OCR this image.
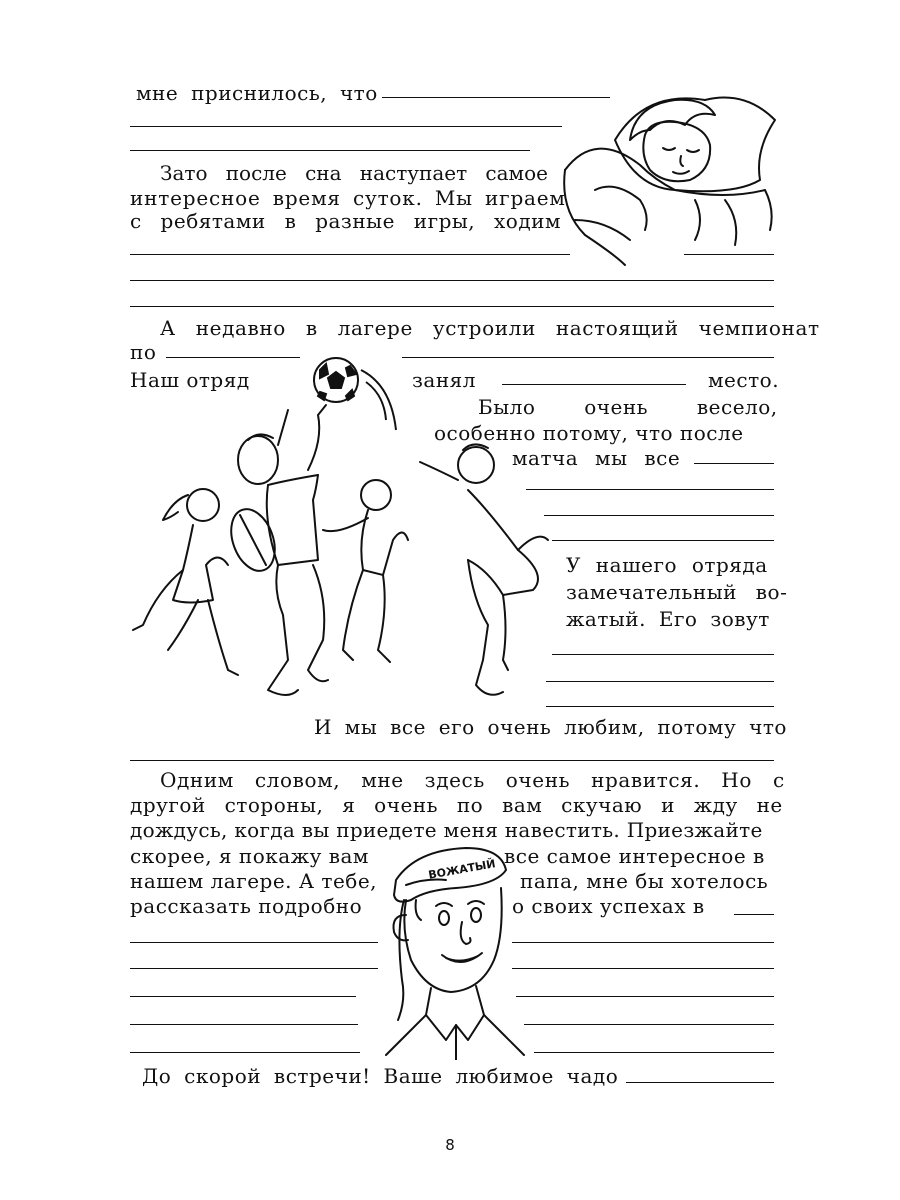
мне приснилось, что
Зато после сна наступает самое
интересное время суток. Мы играем
с ребятами в разные игры, ходим
А недавно в лагере устроили настоящий чемпионат
по
Наш отряд	занял	место.
Было очень весело,
особенно потому, что после
матча мы все
У нашего отряда
замечательный во-
жатый. Его зовут
И мы все его очень любим, потому что
Одним словом, мне здесь очень нравится. Но с
другой стороны, я очень по вам скучаю и жду не
дождусь, когда вы приедете меня навестить. Приезжайте
скорее, я покажу вам	все самое интересное в
нашем лагере. А тебе,	папа, мне бы хотелось
рассказать подробно	о своих успехах в
ВОЖАТЫЙ
До скорой встречи! Ваше любимое чадо
8
